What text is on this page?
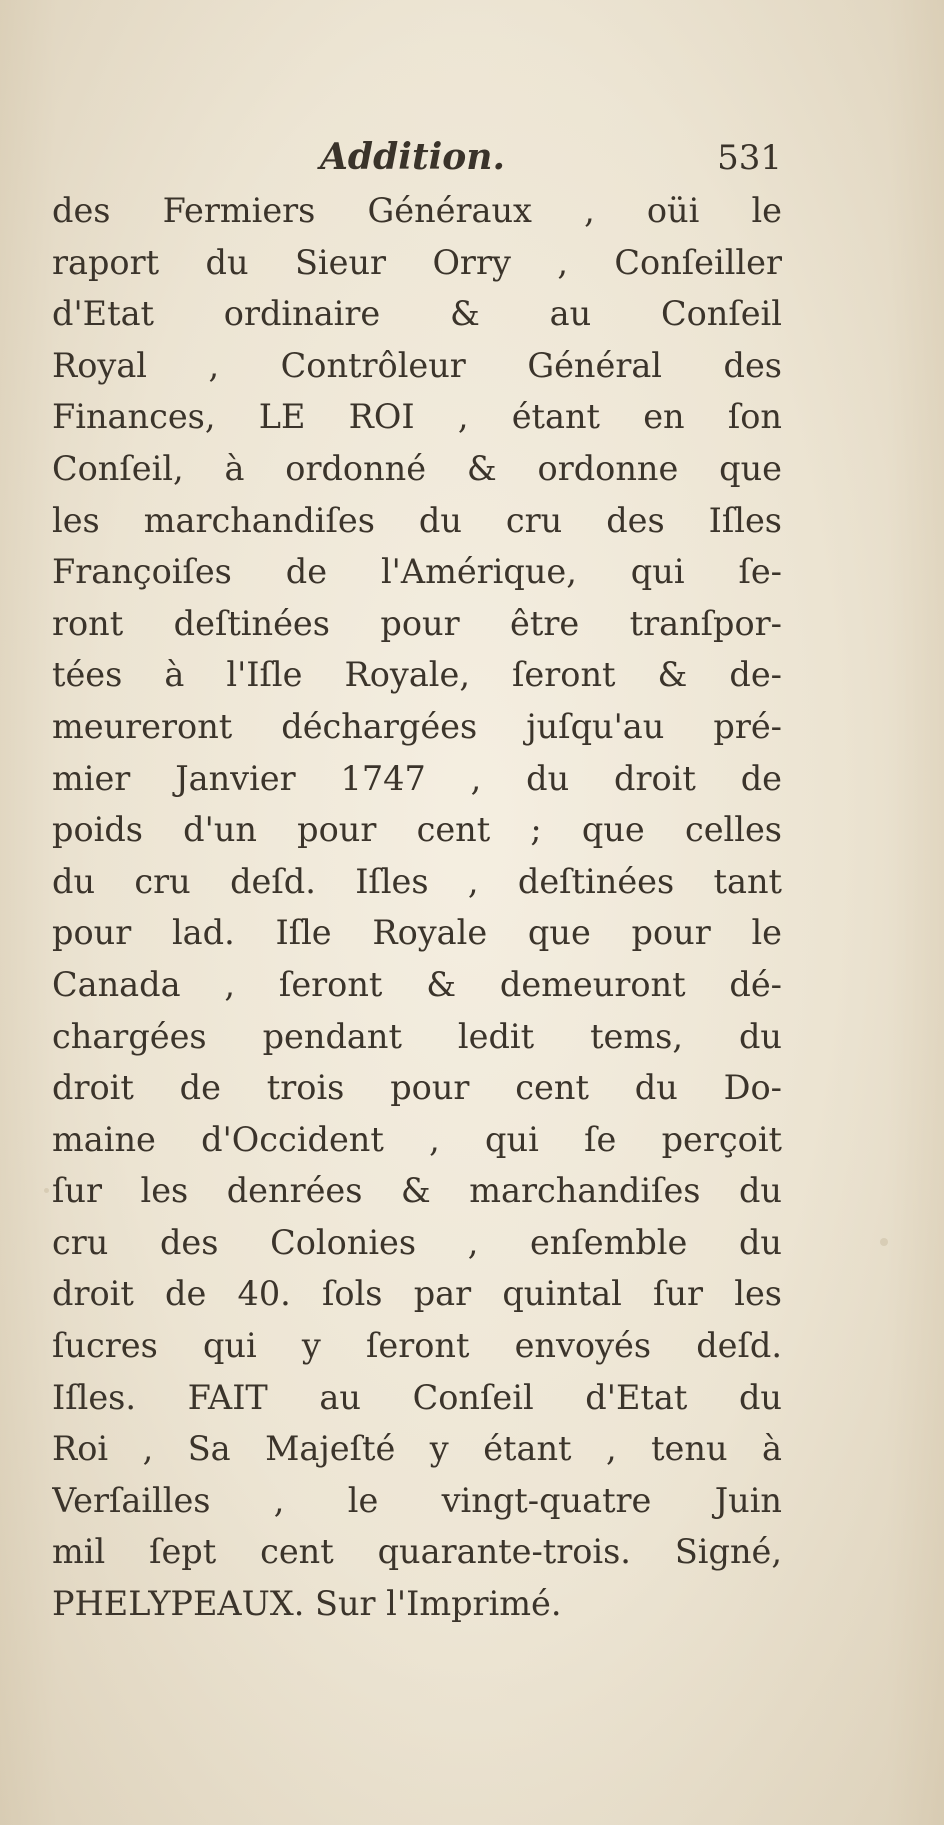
Addition.	531
des Fermiers Généraux , oüi le
raport du Sieur Orry , Conſeiller
d'Etat ordinaire & au Conſeil
Royal , Contrôleur Général des
Finances, LE ROI , étant en ſon
Conſeil, à ordonné & ordonne que
les marchandiſes du cru des Iſles
Françoiſes de l'Amérique, qui ſe-
ront deſtinées pour être tranſpor-
tées à l'Iſle Royale, ſeront & de-
meureront déchargées juſqu'au pré-
mier Janvier 1747 , du droit de
poids d'un pour cent ; que celles
du cru deſd. Iſles , deſtinées tant
pour lad. Iſle Royale que pour le
Canada , ſeront & demeuront dé-
chargées pendant ledit tems, du
droit de trois pour cent du Do-
maine d'Occident , qui ſe perçoit
ſur les denrées & marchandiſes du
cru des Colonies , enſemble du
droit de 40. ſols par quintal ſur les
ſucres qui y ſeront envoyés deſd.
Iſles. FAIT au Conſeil d'Etat du
Roi , Sa Majeſté y étant , tenu à
Verſailles , le vingt-quatre Juin
mil ſept cent quarante-trois. Signé,
PHELYPEAUX. Sur l'Imprimé.
